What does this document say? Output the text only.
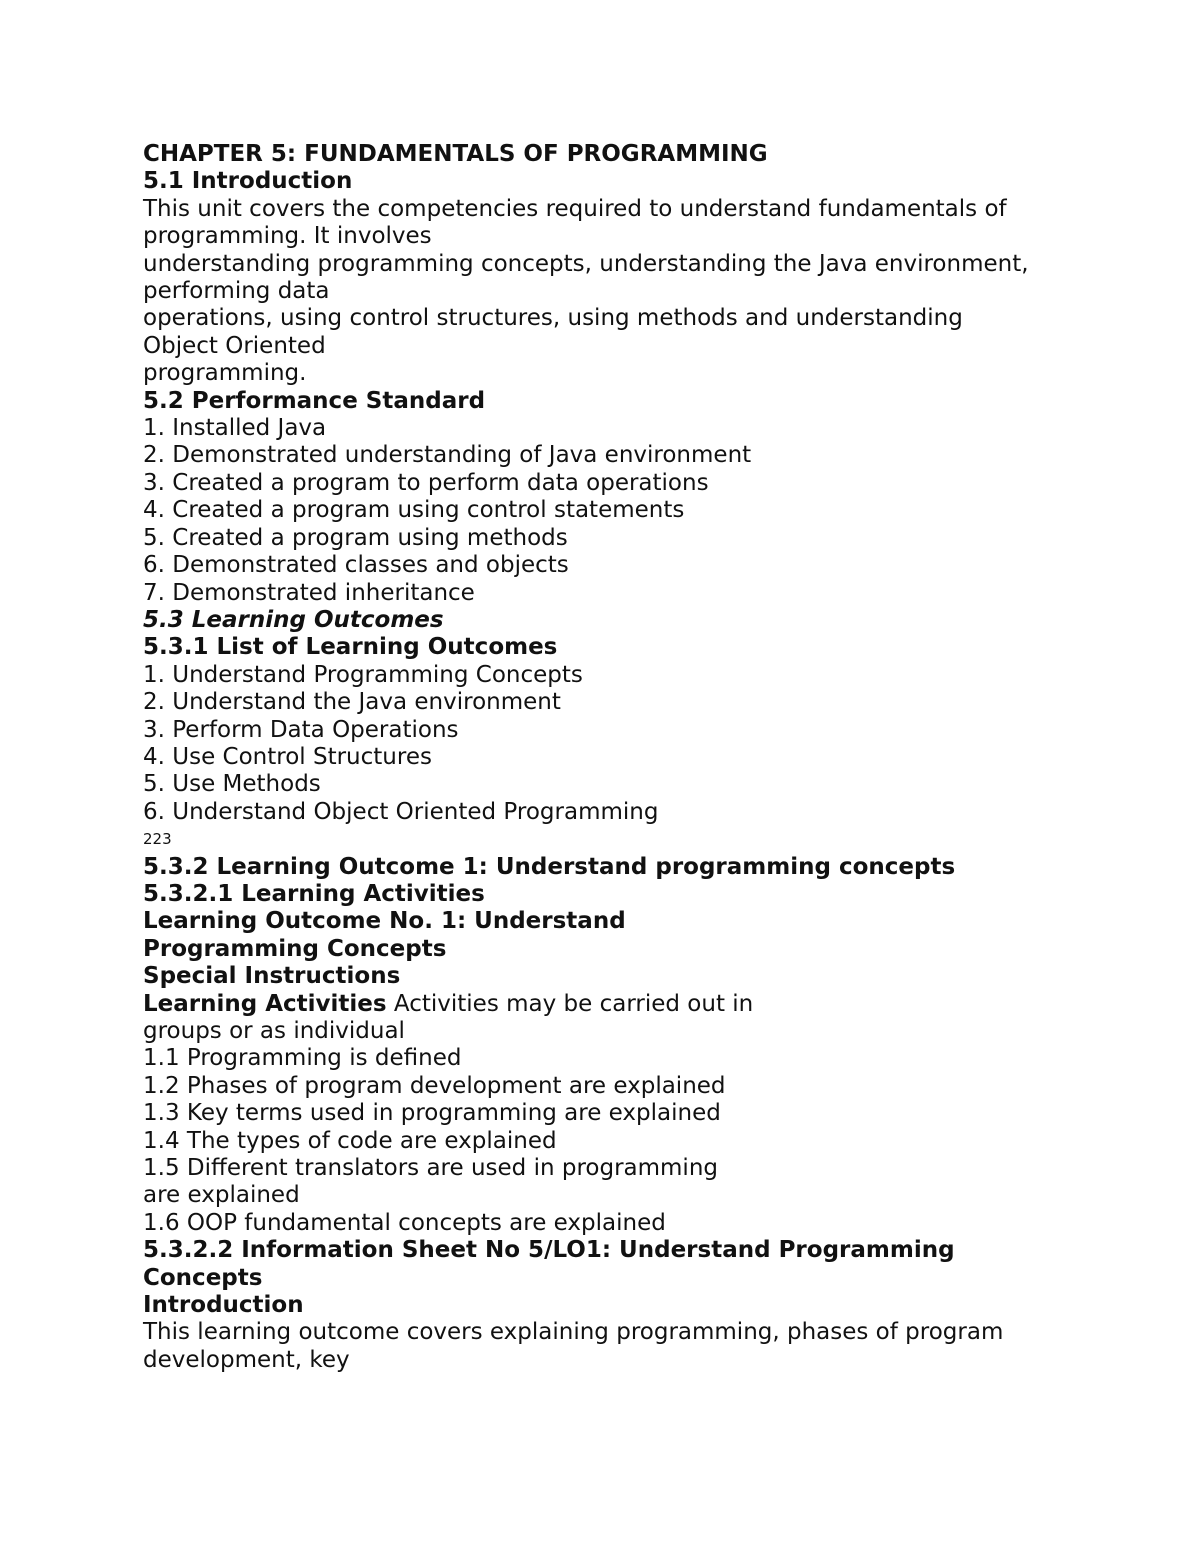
CHAPTER 5: FUNDAMENTALS OF PROGRAMMING
5.1 Introduction
This unit covers the competencies required to understand fundamentals of
programming. It involves
understanding programming concepts, understanding the Java environment,
performing data
operations, using control structures, using methods and understanding
Object Oriented
programming.
5.2 Performance Standard
1. Installed Java
2. Demonstrated understanding of Java environment
3. Created a program to perform data operations
4. Created a program using control statements
5. Created a program using methods
6. Demonstrated classes and objects
7. Demonstrated inheritance
5.3 Learning Outcomes
5.3.1 List of Learning Outcomes
1. Understand Programming Concepts
2. Understand the Java environment
3. Perform Data Operations
4. Use Control Structures
5. Use Methods
6. Understand Object Oriented Programming
223
5.3.2 Learning Outcome 1: Understand programming concepts
5.3.2.1 Learning Activities
Learning Outcome No. 1: Understand
Programming Concepts
Special Instructions
Learning Activities Activities may be carried out in
groups or as individual
1.1 Programming is defined
1.2 Phases of program development are explained
1.3 Key terms used in programming are explained
1.4 The types of code are explained
1.5 Different translators are used in programming
are explained
1.6 OOP fundamental concepts are explained
5.3.2.2 Information Sheet No 5/LO1: Understand Programming
Concepts
Introduction
This learning outcome covers explaining programming, phases of program
development, key
